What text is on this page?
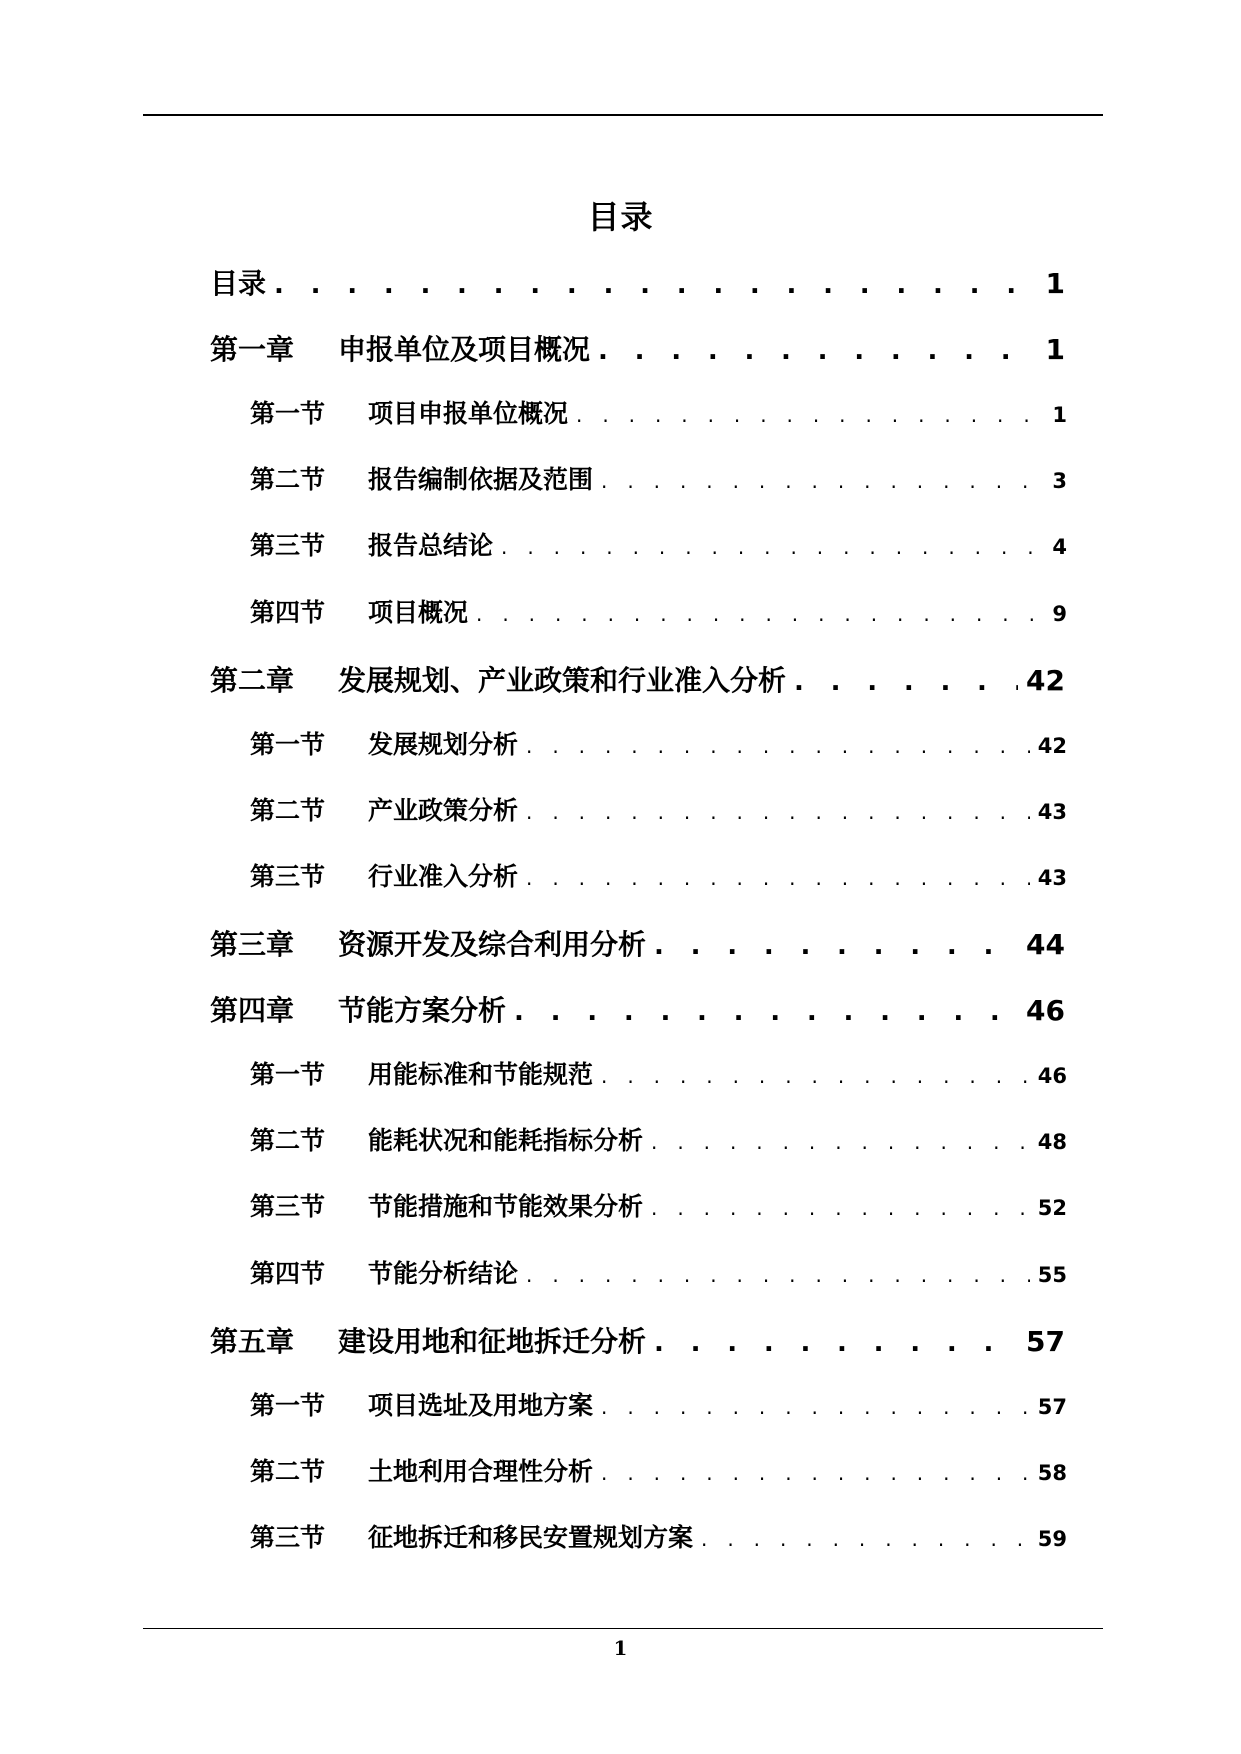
目录
目录 . . .	1
第一章	申报单位及项目概况 . . .	1
第一节	项目申报单位概况 . . .	1
第二节	报告编制依据及范围 . . .	3
第三节	报告总结论 . . .	4
第四节	项目概况 . . .	9
第二章	发展规划、产业政策和行业准入分析 . . .	42
第一节	发展规划分析 . . .	42
第二节	产业政策分析 . . .	43
第三节	行业准入分析 . . .	43
第三章	资源开发及综合利用分析 . . .	44
第四章	节能方案分析 . . .	46
第一节	用能标准和节能规范 . . .	46
第二节	能耗状况和能耗指标分析 . . .	48
第三节	节能措施和节能效果分析 . . .	52
第四节	节能分析结论 . . .	55
第五章	建设用地和征地拆迁分析 . . .	57
第一节	项目选址及用地方案 . . .	57
第二节	土地利用合理性分析 . . .	58
第三节	征地拆迁和移民安置规划方案 . . .	59
1
